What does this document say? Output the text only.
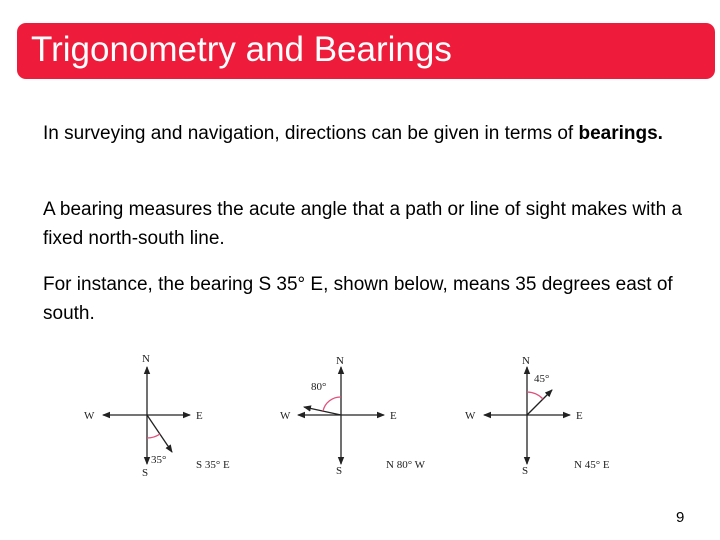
Trigonometry and Bearings
In surveying and navigation, directions can be given in terms of bearings.
A bearing measures the acute angle that a path or line of sight makes with a fixed north-south line.
For instance, the bearing S 35° E, shown below, means 35 degrees east of south.
N
S
E
W
35°	S 35° E
N
S
E
W
80°
N 80° W
N
S
E
W
45°
N 45° E
9
